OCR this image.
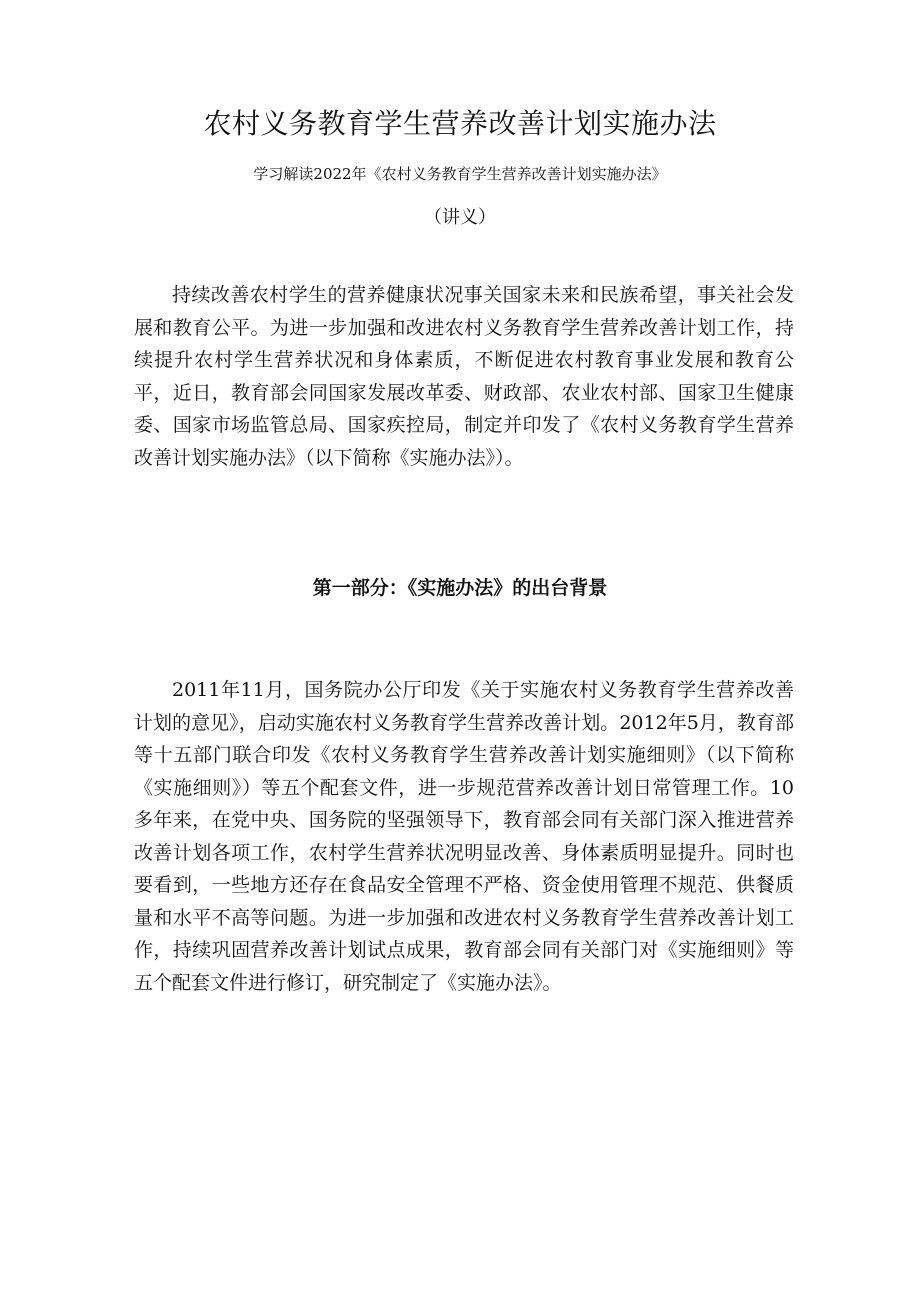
农村义务教育学生营养改善计划实施办法

学习解读2022年《农村义务教育学生营养改善计划实施办法》

（讲义）

持续改善农村学生的营养健康状况事关国家未来和民族希望，事关社会发展和教育公平。为进一步加强和改进农村义务教育学生营养改善计划工作，持续提升农村学生营养状况和身体素质，不断促进农村教育事业发展和教育公平，近日，教育部会同国家发展改革委、财政部、农业农村部、国家卫生健康委、国家市场监管总局、国家疾控局，制定并印发了《农村义务教育学生营养改善计划实施办法》（以下简称《实施办法》）。

第一部分：《实施办法》的出台背景

2011年11月，国务院办公厅印发《关于实施农村义务教育学生营养改善计划的意见》，启动实施农村义务教育学生营养改善计划。2012年5月，教育部等十五部门联合印发《农村义务教育学生营养改善计划实施细则》（以下简称《实施细则》）等五个配套文件，进一步规范营养改善计划日常管理工作。10多年来，在党中央、国务院的坚强领导下，教育部会同有关部门深入推进营养改善计划各项工作，农村学生营养状况明显改善、身体素质明显提升。同时也要看到，一些地方还存在食品安全管理不严格、资金使用管理不规范、供餐质量和水平不高等问题。为进一步加强和改进农村义务教育学生营养改善计划工作，持续巩固营养改善计划试点成果，教育部会同有关部门对《实施细则》等五个配套文件进行修订，研究制定了《实施办法》。
